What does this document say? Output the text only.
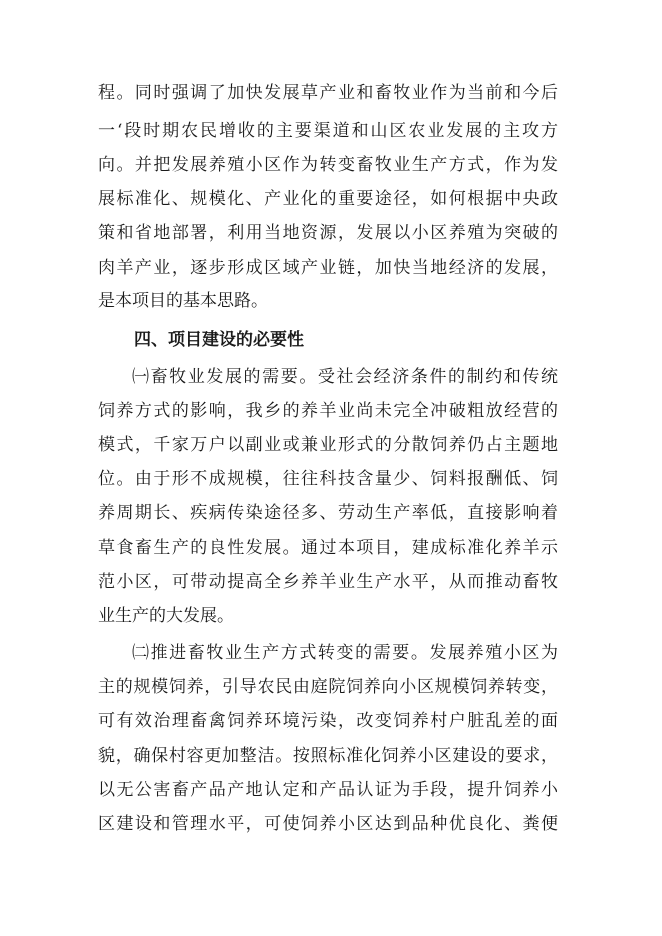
程。同时强调了加快发展草产业和畜牧业作为当前和今后
一‘段时期农民增收的主要渠道和山区农业发展的主攻方
向。并把发展养殖小区作为转变畜牧业生产方式，作为发
展标准化、规模化、产业化的重要途径，如何根据中央政
策和省地部署，利用当地资源，发展以小区养殖为突破的
肉羊产业，逐步形成区域产业链，加快当地经济的发展，
是本项目的基本思路。
四、项目建设的必要性
㈠畜牧业发展的需要。受社会经济条件的制约和传统
饲养方式的影响，我乡的养羊业尚未完全冲破粗放经营的
模式，千家万户以副业或兼业形式的分散饲养仍占主题地
位。由于形不成规模，往往科技含量少、饲料报酬低、饲
养周期长、疾病传染途径多、劳动生产率低，直接影响着
草食畜生产的良性发展。通过本项目，建成标准化养羊示
范小区，可带动提高全乡养羊业生产水平，从而推动畜牧
业生产的大发展。
㈡推进畜牧业生产方式转变的需要。发展养殖小区为
主的规模饲养，引导农民由庭院饲养向小区规模饲养转变，
可有效治理畜禽饲养环境污染，改变饲养村户脏乱差的面
貌，确保村容更加整洁。按照标准化饲养小区建设的要求，
以无公害畜产品产地认定和产品认证为手段，提升饲养小
区建设和管理水平，可使饲养小区达到品种优良化、粪便
